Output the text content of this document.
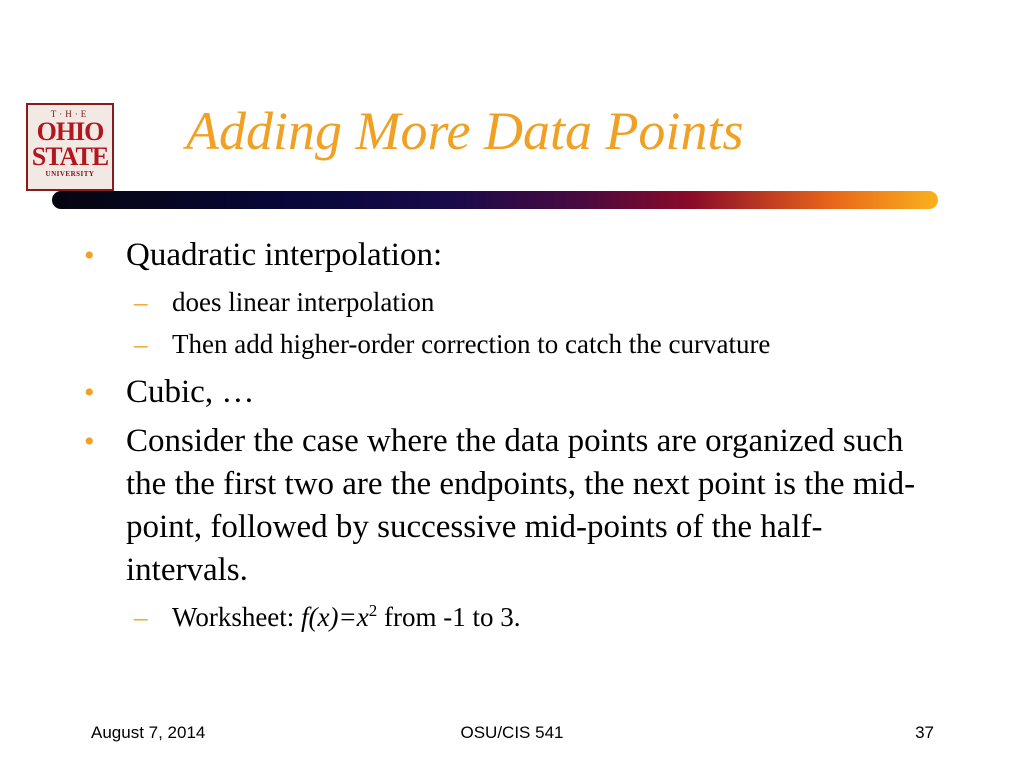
T·H·E
OHIO
STATE
UNIVERSITY
Adding More Data Points
• Quadratic interpolation:
– does linear interpolation
– Then add higher-order correction to catch the curvature
• Cubic, …
• Consider the case where the data points are organized such the the first two are the endpoints, the next point is the mid-point, followed by successive mid-points of the half-intervals.
– Worksheet: $f(x)=x^2$ from -1 to 3.
August 7, 2014	OSU/CIS 541	37
